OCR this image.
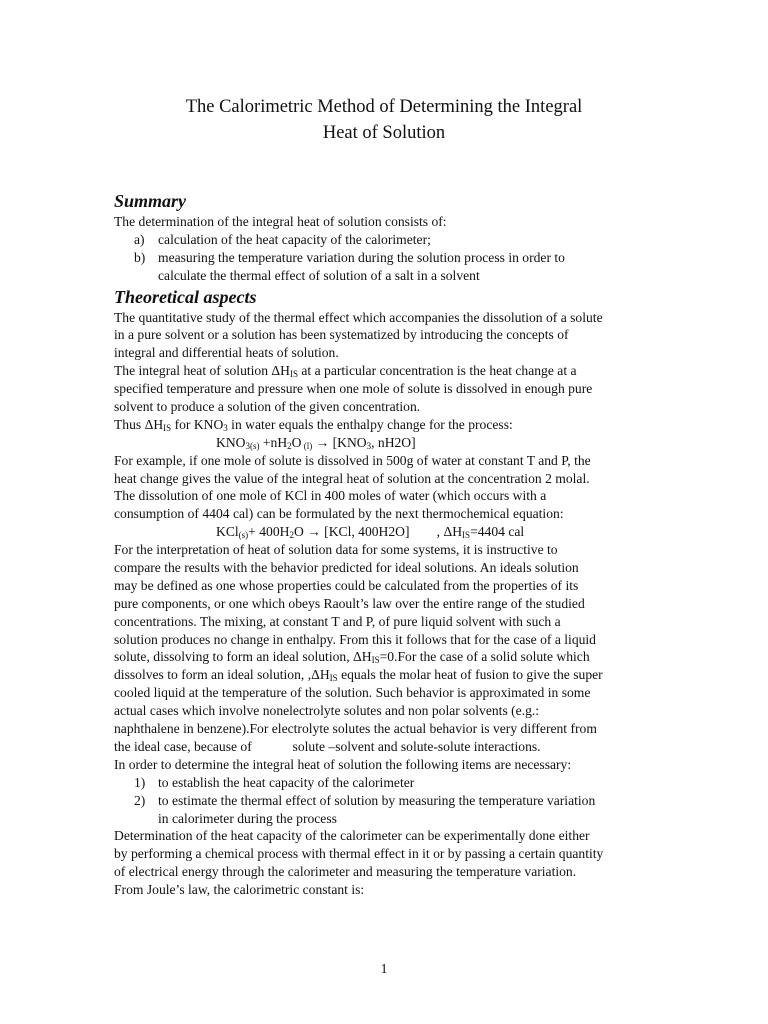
The Calorimetric Method of Determining the Integral
Heat of Solution
Summary
The determination of the integral heat of solution consists of:
a) calculation of the heat capacity of the calorimeter;
b) measuring the temperature variation during the solution process in order to
calculate the thermal effect of solution of a salt in a solvent
Theoretical aspects
The quantitative study of the thermal effect which accompanies the dissolution of a solute
in a pure solvent or a solution has been systematized by introducing the concepts of
integral and differential heats of solution.
The integral heat of solution $\Delta H_{IS}$ at a particular concentration is the heat change at a
specified temperature and pressure when one mole of solute is dissolved in enough pure
solvent to produce a solution of the given concentration.
Thus $\Delta H_{IS}$ for $KNO_3$ in water equals the enthalpy change for the process:
$KNO_{3(s)} +nH_2O$ $_{(l)} \to [KNO_3$, nH2O]
For example, if one mole of solute is dissolved in 500g of water at constant T and P, the
heat change gives the value of the integral heat of solution at the concentration 2 molal.
The dissolution of one mole of KCl in 400 moles of water (which occurs with a
consumption of 4404 cal) can be formulated by the next thermochemical equation:
$KCl_{(s)}+ 400H_2O \to [KCl$, 400H2O]        , $\Delta H_{IS}=4404$ cal
For the interpretation of heat of solution data for some systems, it is instructive to
compare the results with the behavior predicted for ideal solutions. An ideals solution
may be defined as one whose properties could be calculated from the properties of its
pure components, or one which obeys Raoult’s law over the entire range of the studied
concentrations. The mixing, at constant T and P, of pure liquid solvent with such a
solution produces no change in enthalpy. From this it follows that for the case of a liquid
solute, dissolving to form an ideal solution, $\Delta H_{IS}=0.For$ the case of a solid solute which
dissolves to form an ideal solution, $,\Delta H_{IS}$ equals the molar heat of fusion to give the super
cooled liquid at the temperature of the solution. Such behavior is approximated in some
actual cases which involve nonelectrolyte solutes and non polar solvents (e.g.:
naphthalene in benzene).For electrolyte solutes the actual behavior is very different from
the ideal case, because of            solute –solvent and solute-solute interactions.
In order to determine the integral heat of solution the following items are necessary:
1) to establish the heat capacity of the calorimeter
2) to estimate the thermal effect of solution by measuring the temperature variation
in calorimeter during the process
Determination of the heat capacity of the calorimeter can be experimentally done either
by performing a chemical process with thermal effect in it or by passing a certain quantity
of electrical energy through the calorimeter and measuring the temperature variation.
From Joule’s law, the calorimetric constant is:
1
